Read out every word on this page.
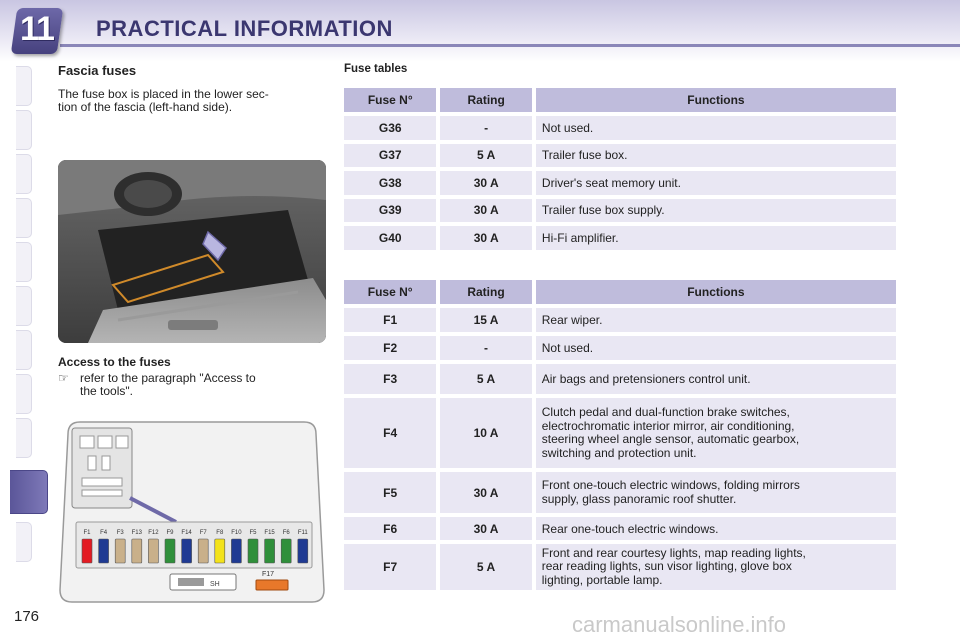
11 PRACTICAL INFORMATION
Fascia fuses
The fuse box is placed in the lower sec-
tion of the fascia (left-hand side).
Access to the fuses
☞ refer to the paragraph "Access to
the tools".
SH
F17
F1 F4 F3 F13 F12 F9 F14 F7 F8 F10 F5 F15 F6 F11
Fuse tables
Fuse N°	Rating	Functions
G36	-	Not used.
G37	5 A	Trailer fuse box.
G38	30 A	Driver's seat memory unit.
G39	30 A	Trailer fuse box supply.
G40	30 A	Hi-Fi amplifier.
Fuse N°	Rating	Functions
F1	15 A	Rear wiper.
F2	-	Not used.
F3	5 A	Air bags and pretensioners control unit.
F4	10 A	Clutch pedal and dual-function brake switches,
electrochromatic interior mirror, air conditioning,
steering wheel angle sensor, automatic gearbox,
switching and protection unit.

F5	30 A	Front one-touch electric windows, folding mirrors
supply, glass panoramic roof shutter.

F6	30 A	Rear one-touch electric windows.
F7	5 A	Front and rear courtesy lights, map reading lights,
rear reading lights, sun visor lighting, glove box
lighting, portable lamp.
176	carmanualsonline.info
